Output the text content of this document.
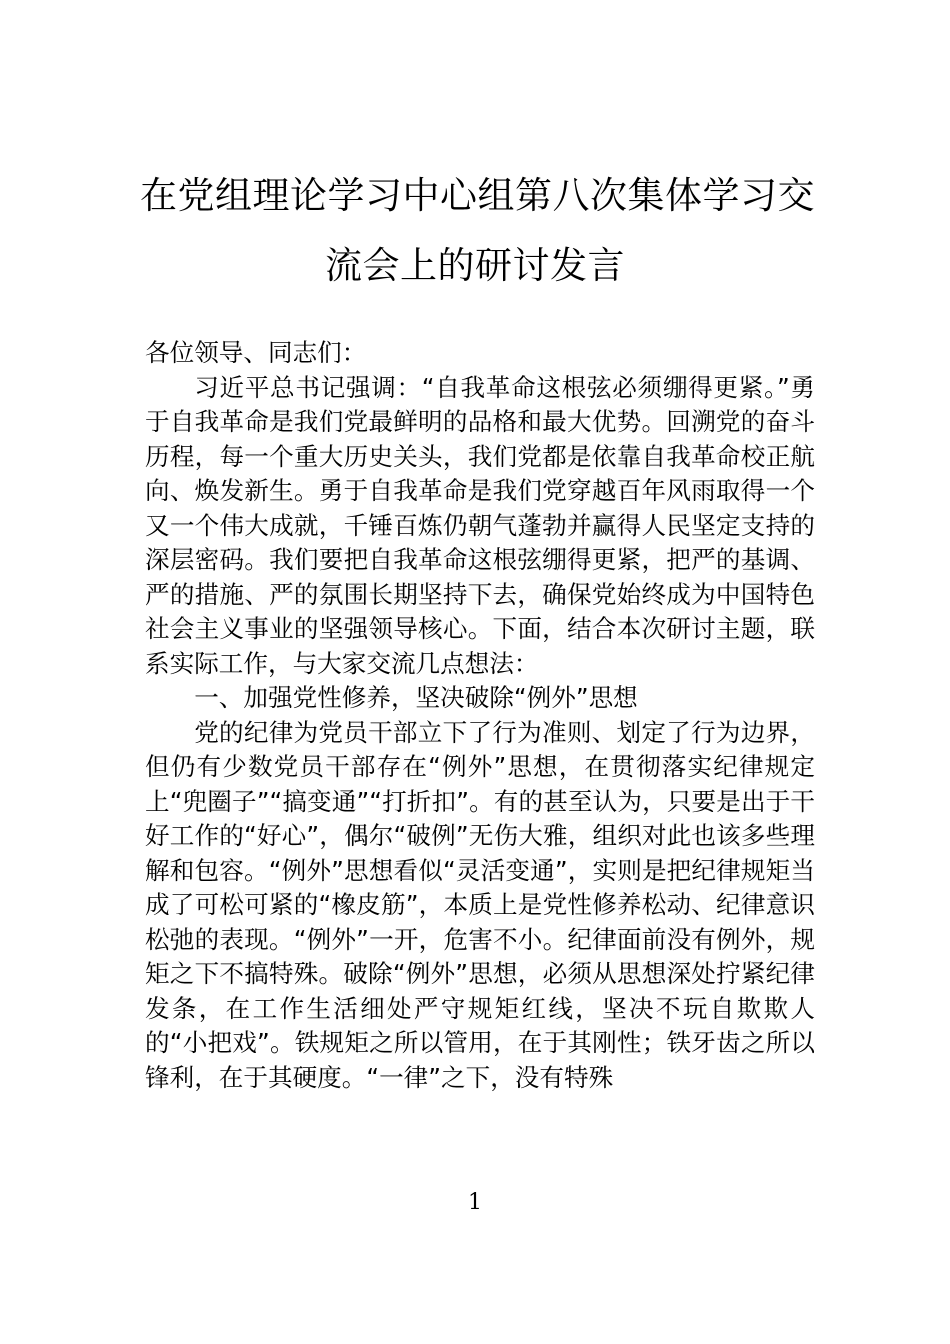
在党组理论学习中心组第八次集体学习交
流会上的研讨发言

各位领导、同志们：

习近平总书记强调：“自我革命这根弦必须绷得更紧。”勇于自我革命是我们党最鲜明的品格和最大优势。回溯党的奋斗历程，每一个重大历史关头，我们党都是依靠自我革命校正航向、焕发新生。勇于自我革命是我们党穿越百年风雨取得一个又一个伟大成就，千锤百炼仍朝气蓬勃并赢得人民坚定支持的深层密码。我们要把自我革命这根弦绷得更紧，把严的基调、严的措施、严的氛围长期坚持下去，确保党始终成为中国特色社会主义事业的坚强领导核心。下面，结合本次研讨主题，联系实际工作，与大家交流几点想法：

一、加强党性修养，坚决破除“例外”思想

党的纪律为党员干部立下了行为准则、划定了行为边界，但仍有少数党员干部存在“例外”思想，在贯彻落实纪律规定上“兜圈子”“搞变通”“打折扣”。有的甚至认为，只要是出于干好工作的“好心”，偶尔“破例”无伤大雅，组织对此也该多些理解和包容。“例外”思想看似“灵活变通”，实则是把纪律规矩当成了可松可紧的“橡皮筋”，本质上是党性修养松动、纪律意识松弛的表现。“例外”一开，危害不小。纪律面前没有例外，规矩之下不搞特殊。破除“例外”思想，必须从思想深处拧紧纪律发条，在工作生活细处严守规矩红线，坚决不玩自欺欺人的“小把戏”。铁规矩之所以管用，在于其刚性；铁牙齿之所以锋利，在于其硬度。“一律”之下，没有特殊

1
